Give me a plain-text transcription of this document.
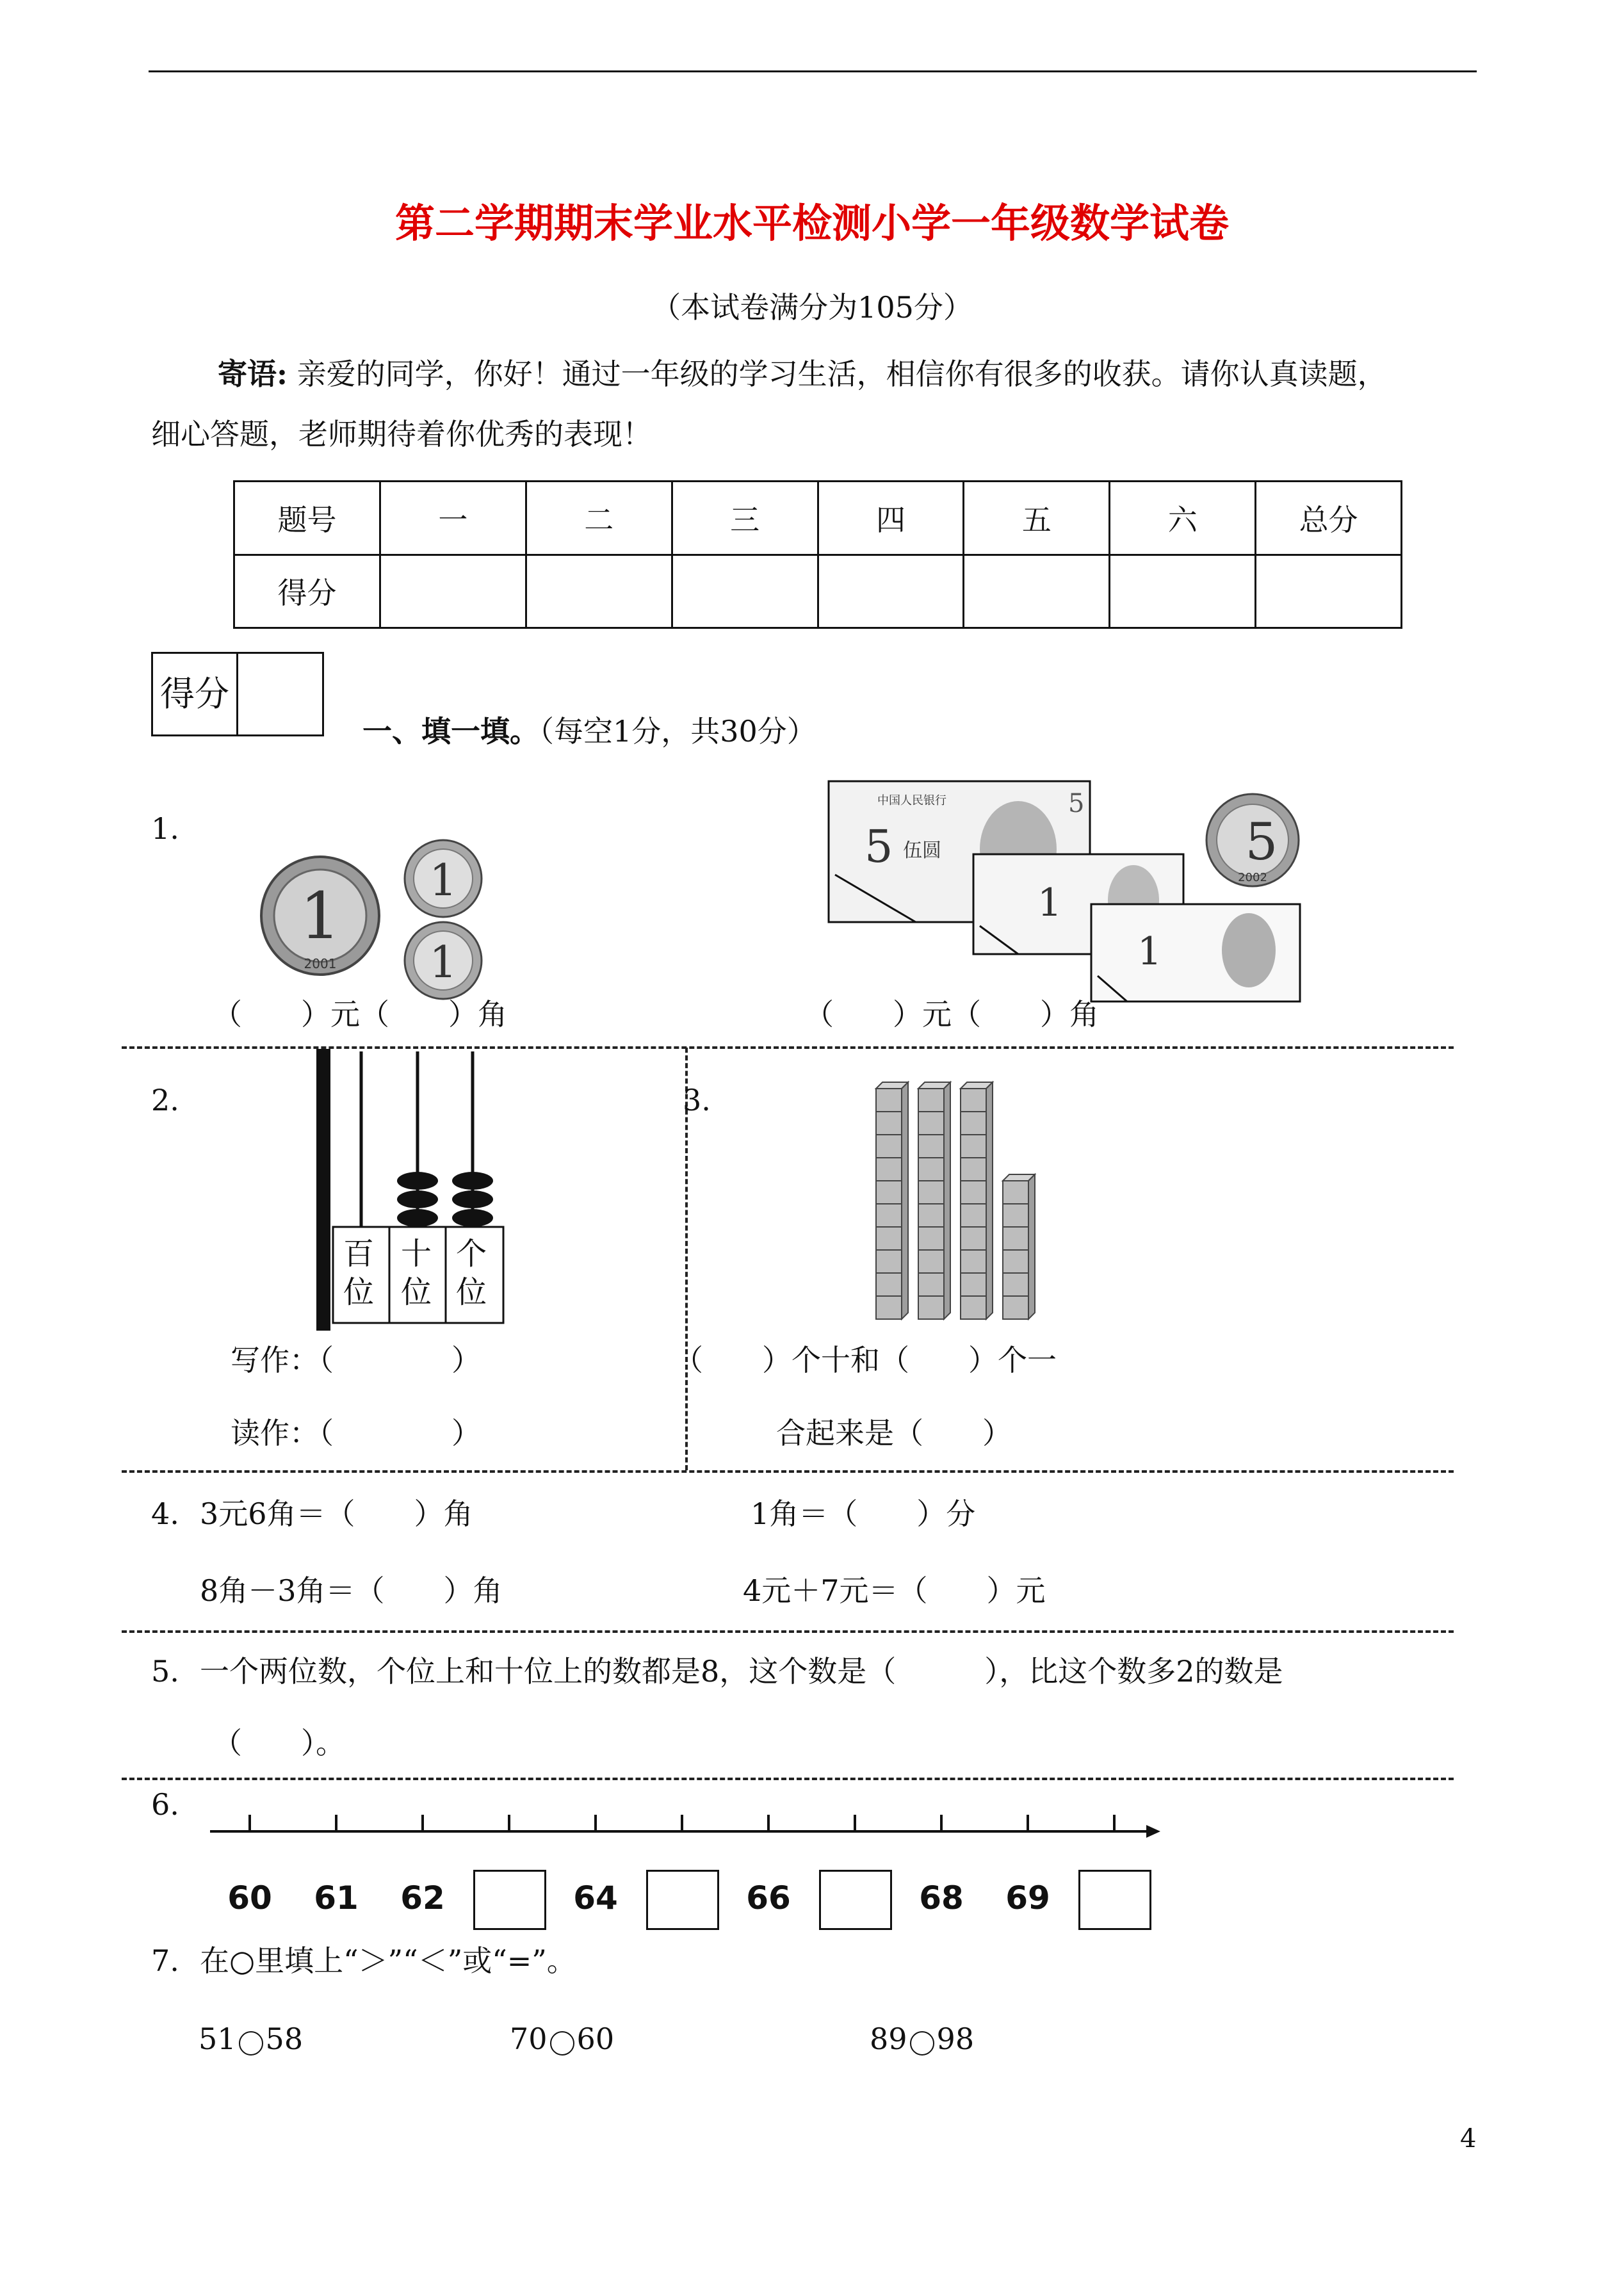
第二学期期末学业水平检测小学一年级数学试卷
（本试卷满分为105分）
寄语: 亲爱的同学，你好！通过一年级的学习生活，相信你有很多的收获。请你认真读题，
细心答题，老师期待着你优秀的表现！
题号	一	二	三	四	五	六	总分
得分							
得分
一、填一填。（每空1分，共30分）
1.
1
2001
1
1
中国人民银行
5 伍圆
5
1
1
5
2002
（　　）元（　　）角	（　　）元（　　）角
2.
百位
十位
个位
写作：（　　　　）
读作：（　　　　）
3.
（　　）个十和（　　）个一
合起来是（　　）
4. 3元6角＝（　　）角	1角＝（　　）分
8角－3角＝（　　）角	4元＋7元＝（　　）元
5. 一个两位数，个位上和十位上的数都是8，这个数是（　　　），比这个数多2的数是
（　　）。
6.
60	61	62	64	66	68	69
7. 在○里填上“＞”“＜”或“=”。
51 58	70 60	89 98
4
